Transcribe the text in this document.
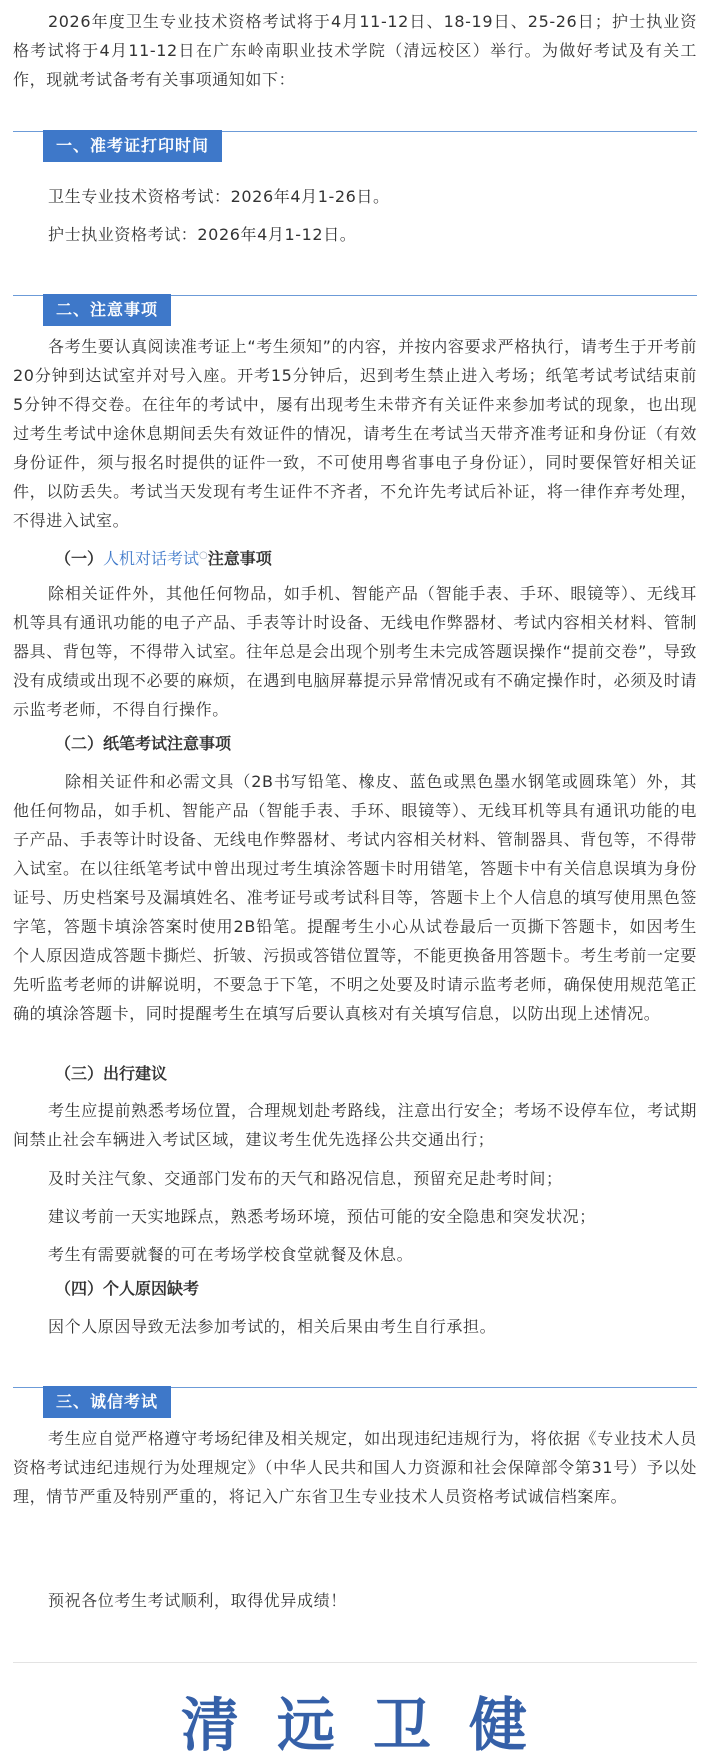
2026年度卫生专业技术资格考试将于4月11-12日、18-19日、25-26日；护士执业资格考试将于4月11-12日在广东岭南职业技术学院（清远校区）举行。为做好考试及有关工作，现就考试备考有关事项通知如下：

一、准考证打印时间

卫生专业技术资格考试：2026年4月1-26日。

护士执业资格考试：2026年4月1-12日。

二、注意事项

各考生要认真阅读准考证上“考生须知”的内容，并按内容要求严格执行，请考生于开考前20分钟到达试室并对号入座。开考15分钟后，迟到考生禁止进入考场；纸笔考试考试结束前5分钟不得交卷。在往年的考试中，屡有出现考生未带齐有关证件来参加考试的现象，也出现过考生考试中途休息期间丢失有效证件的情况，请考生在考试当天带齐准考证和身份证（有效身份证件，须与报名时提供的证件一致，不可使用粤省事电子身份证），同时要保管好相关证件，以防丢失。考试当天发现有考生证件不齐者，不允许先考试后补证，将一律作弃考处理，不得进入试室。

（一）人机对话考试○注意事项

除相关证件外，其他任何物品，如手机、智能产品（智能手表、手环、眼镜等）、无线耳机等具有通讯功能的电子产品、手表等计时设备、无线电作弊器材、考试内容相关材料、管制器具、背包等，不得带入试室。往年总是会出现个别考生未完成答题误操作“提前交卷”，导致没有成绩或出现不必要的麻烦，在遇到电脑屏幕提示异常情况或有不确定操作时，必须及时请示监考老师，不得自行操作。

（二）纸笔考试注意事项

除相关证件和必需文具（2B书写铅笔、橡皮、蓝色或黑色墨水钢笔或圆珠笔）外，其他任何物品，如手机、智能产品（智能手表、手环、眼镜等）、无线耳机等具有通讯功能的电子产品、手表等计时设备、无线电作弊器材、考试内容相关材料、管制器具、背包等，不得带入试室。在以往纸笔考试中曾出现过考生填涂答题卡时用错笔，答题卡中有关信息误填为身份证号、历史档案号及漏填姓名、准考证号或考试科目等，答题卡上个人信息的填写使用黑色签字笔，答题卡填涂答案时使用2B铅笔。提醒考生小心从试卷最后一页撕下答题卡，如因考生个人原因造成答题卡撕烂、折皱、污损或答错位置等，不能更换备用答题卡。考生考前一定要先听监考老师的讲解说明，不要急于下笔，不明之处要及时请示监考老师，确保使用规范笔正确的填涂答题卡，同时提醒考生在填写后要认真核对有关填写信息，以防出现上述情况。

（三）出行建议

考生应提前熟悉考场位置，合理规划赴考路线，注意出行安全；考场不设停车位，考试期间禁止社会车辆进入考试区域，建议考生优先选择公共交通出行；

及时关注气象、交通部门发布的天气和路况信息，预留充足赴考时间；

建议考前一天实地踩点，熟悉考场环境，预估可能的安全隐患和突发状况；

考生有需要就餐的可在考场学校食堂就餐及休息。

（四）个人原因缺考

因个人原因导致无法参加考试的，相关后果由考生自行承担。

三、诚信考试

考生应自觉严格遵守考场纪律及相关规定，如出现违纪违规行为，将依据《专业技术人员资格考试违纪违规行为处理规定》（中华人民共和国人力资源和社会保障部令第31号）予以处理，情节严重及特别严重的，将记入广东省卫生专业技术人员资格考试诚信档案库。

预祝各位考生考试顺利，取得优异成绩！

清远卫健
